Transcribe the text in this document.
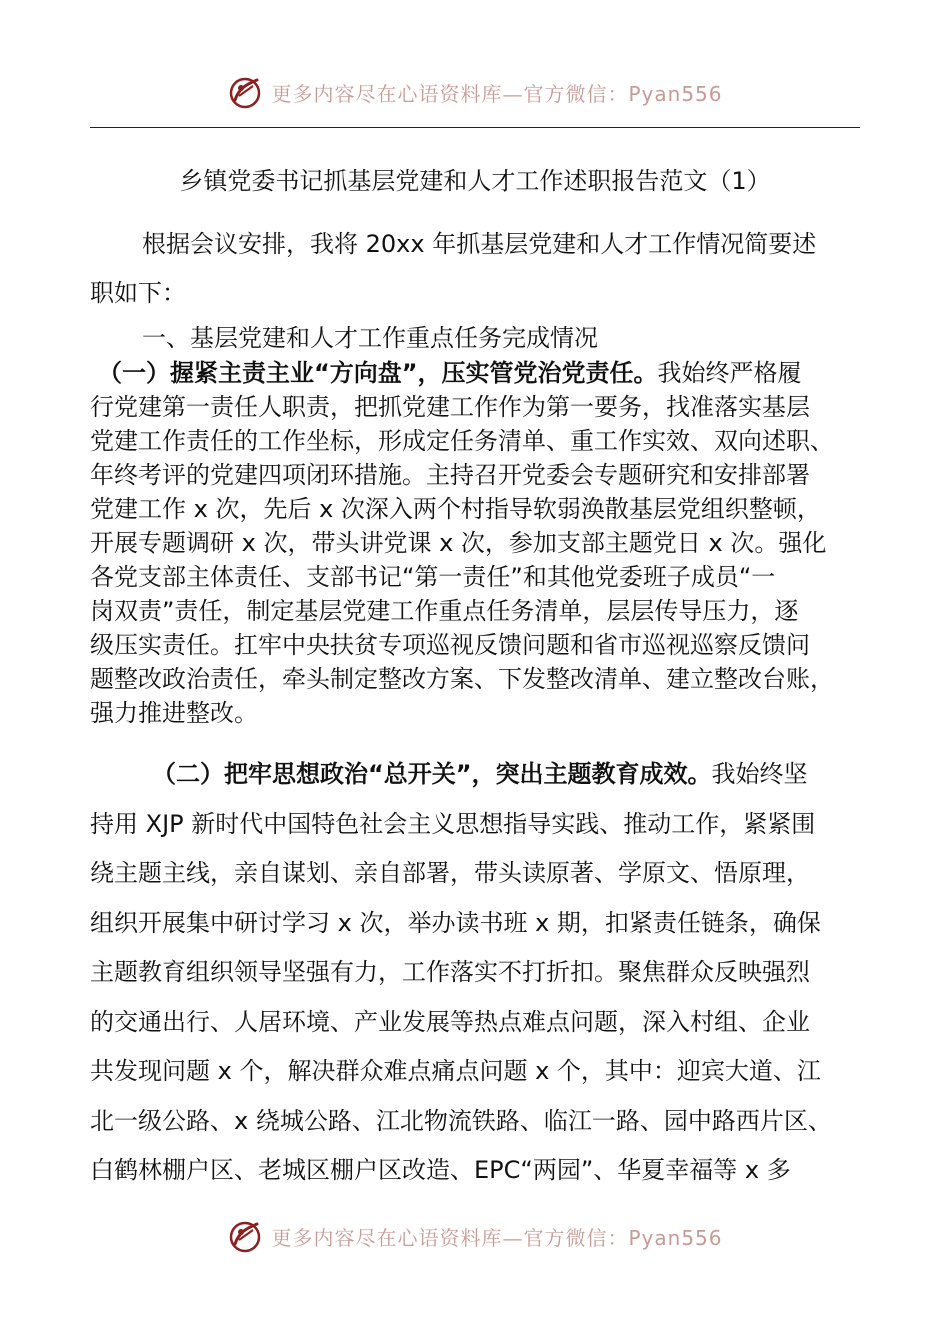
更多内容尽在心语资料库—官方微信：Pyan556
乡镇党委书记抓基层党建和人才工作述职报告范文（1）

根据会议安排，我将 20xx 年抓基层党建和人才工作情况简要述
职如下：

一、基层党建和人才工作重点任务完成情况

（一）握紧主责主业“方向盘”，压实管党治党责任。我始终严格履
行党建第一责任人职责，把抓党建工作作为第一要务，找准落实基层
党建工作责任的工作坐标，形成定任务清单、重工作实效、双向述职、
年终考评的党建四项闭环措施。主持召开党委会专题研究和安排部署
党建工作 x 次，先后 x 次深入两个村指导软弱涣散基层党组织整顿，
开展专题调研 x 次，带头讲党课 x 次，参加支部主题党日 x 次。强化
各党支部主体责任、支部书记“第一责任”和其他党委班子成员“一
岗双责”责任，制定基层党建工作重点任务清单，层层传导压力，逐
级压实责任。扛牢中央扶贫专项巡视反馈问题和省市巡视巡察反馈问
题整改政治责任，牵头制定整改方案、下发整改清单、建立整改台账，
强力推进整改。

（二）把牢思想政治“总开关”，突出主题教育成效。我始终坚
持用 XJP 新时代中国特色社会主义思想指导实践、推动工作，紧紧围
绕主题主线，亲自谋划、亲自部署，带头读原著、学原文、悟原理，
组织开展集中研讨学习 x 次，举办读书班 x 期，扣紧责任链条，确保
主题教育组织领导坚强有力，工作落实不打折扣。聚焦群众反映强烈
的交通出行、人居环境、产业发展等热点难点问题，深入村组、企业
共发现问题 x 个，解决群众难点痛点问题 x 个，其中：迎宾大道、江
北一级公路、x 绕城公路、江北物流铁路、临江一路、园中路西片区、
白鹤林棚户区、老城区棚户区改造、EPC“两园”、华夏幸福等 x 多

更多内容尽在心语资料库—官方微信：Pyan556
